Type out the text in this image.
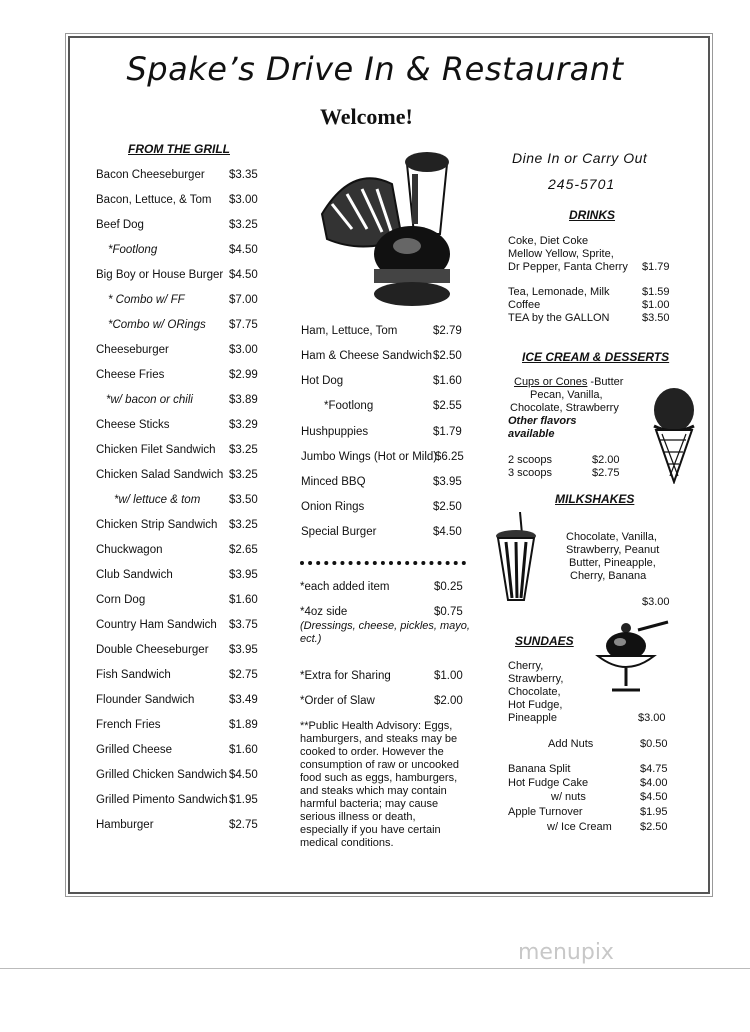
Spake’s Drive In & Restaurant
Welcome!
FROM THE GRILL
Bacon Cheeseburger $3.35
Bacon, Lettuce, & Tom $3.00
Beef Dog	$3.25
*Footlong	$4.50
Big Boy or House Burger $4.50
* Combo w/ FF	$7.00
*Combo w/ ORings $7.75
Cheeseburger	$3.00
Cheese Fries	$2.99
*w/ bacon or chili	$3.89
Cheese Sticks	$3.29
Chicken Filet Sandwich $3.25
Chicken Salad Sandwich $3.25
*w/ lettuce & tom $3.50
Chicken Strip Sandwich $3.25
Chuckwagon	$2.65
Club Sandwich	$3.95
Corn Dog	$1.60
Country Ham Sandwich $3.75
Double Cheeseburger $3.95
Fish Sandwich	$2.75
Flounder Sandwich	$3.49
French Fries	$1.89
Grilled Cheese	$1.60
Grilled Chicken Sandwich $4.50
Grilled Pimento Sandwich $1.95
Hamburger	$2.75
Ham, Lettuce, Tom	$2.79
Ham & Cheese Sandwich $2.50
Hot Dog	$1.60
*Footlong	$2.55
Hushpuppies	$1.79
Jumbo Wings (Hot or Mild)
$6.25
Minced BBQ	$3.95
Onion Rings	$2.50
Special Burger	$4.50
*each added item	$0.25
*4oz side	$0.75
*Extra for Sharing	$1.00
*Order of Slaw	$2.00
(Dressings, cheese, pickles, mayo, ect.)
**Public Health Advisory: Eggs, hamburgers, and steaks may be cooked to order. However the consumption of raw or uncooked food such as eggs, hamburgers, and steaks which may contain harmful bacteria; may cause serious illness or death, especially if you have certain medical conditions.
Dine In or Carry Out
245-5701
DRINKS
Coke, Diet Coke
Mellow Yellow, Sprite,
Dr Pepper, Fanta Cherry $1.79
Tea, Lemonade, Milk	$1.59
Coffee	$1.00
TEA by the GALLON	$3.50
ICE CREAM & DESSERTS
Cups or Cones -Butter
Pecan, Vanilla,
Chocolate, Strawberry
Other flavors
available
2 scoops	$2.00
3 scoops	$2.75
MILKSHAKES
Chocolate, Vanilla,
Strawberry, Peanut
Butter, Pineapple,
Cherry, Banana
$3.00
SUNDAES
Cherry,
Strawberry,
Chocolate,
Hot Fudge,
Pineapple	$3.00
Add Nuts	$0.50
Banana Split	$4.75
Hot Fudge Cake	$4.00
w/ nuts	$4.50
Apple Turnover	$1.95
w/ Ice Cream	$2.50
menupix
